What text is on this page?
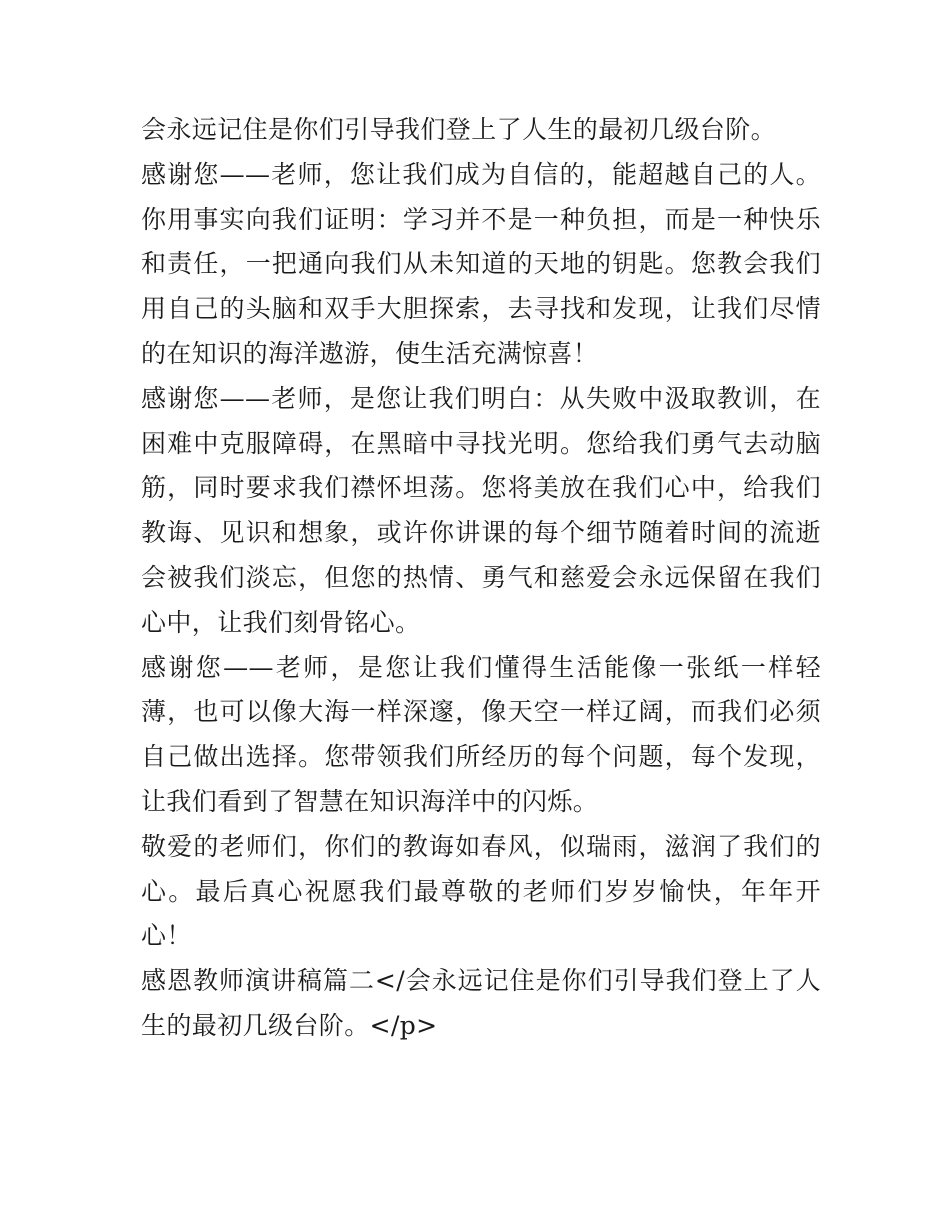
会永远记住是你们引导我们登上了人生的最初几级台阶。

感谢您——老师，您让我们成为自信的，能超越自己的人。你用事实向我们证明：学习并不是一种负担，而是一种快乐和责任，一把通向我们从未知道的天地的钥匙。您教会我们用自己的头脑和双手大胆探索，去寻找和发现，让我们尽情的在知识的海洋遨游，使生活充满惊喜！

感谢您——老师，是您让我们明白：从失败中汲取教训，在困难中克服障碍，在黑暗中寻找光明。您给我们勇气去动脑筋，同时要求我们襟怀坦荡。您将美放在我们心中，给我们教诲、见识和想象，或许你讲课的每个细节随着时间的流逝会被我们淡忘，但您的热情、勇气和慈爱会永远保留在我们心中，让我们刻骨铭心。

感谢您——老师，是您让我们懂得生活能像一张纸一样轻薄，也可以像大海一样深邃，像天空一样辽阔，而我们必须自己做出选择。您带领我们所经历的每个问题，每个发现，让我们看到了智慧在知识海洋中的闪烁。

敬爱的老师们，你们的教诲如春风，似瑞雨，滋润了我们的心。最后真心祝愿我们最尊敬的老师们岁岁愉快，年年开心！

感恩教师演讲稿篇二</会永远记住是你们引导我们登上了人生的最初几级台阶。</p>
